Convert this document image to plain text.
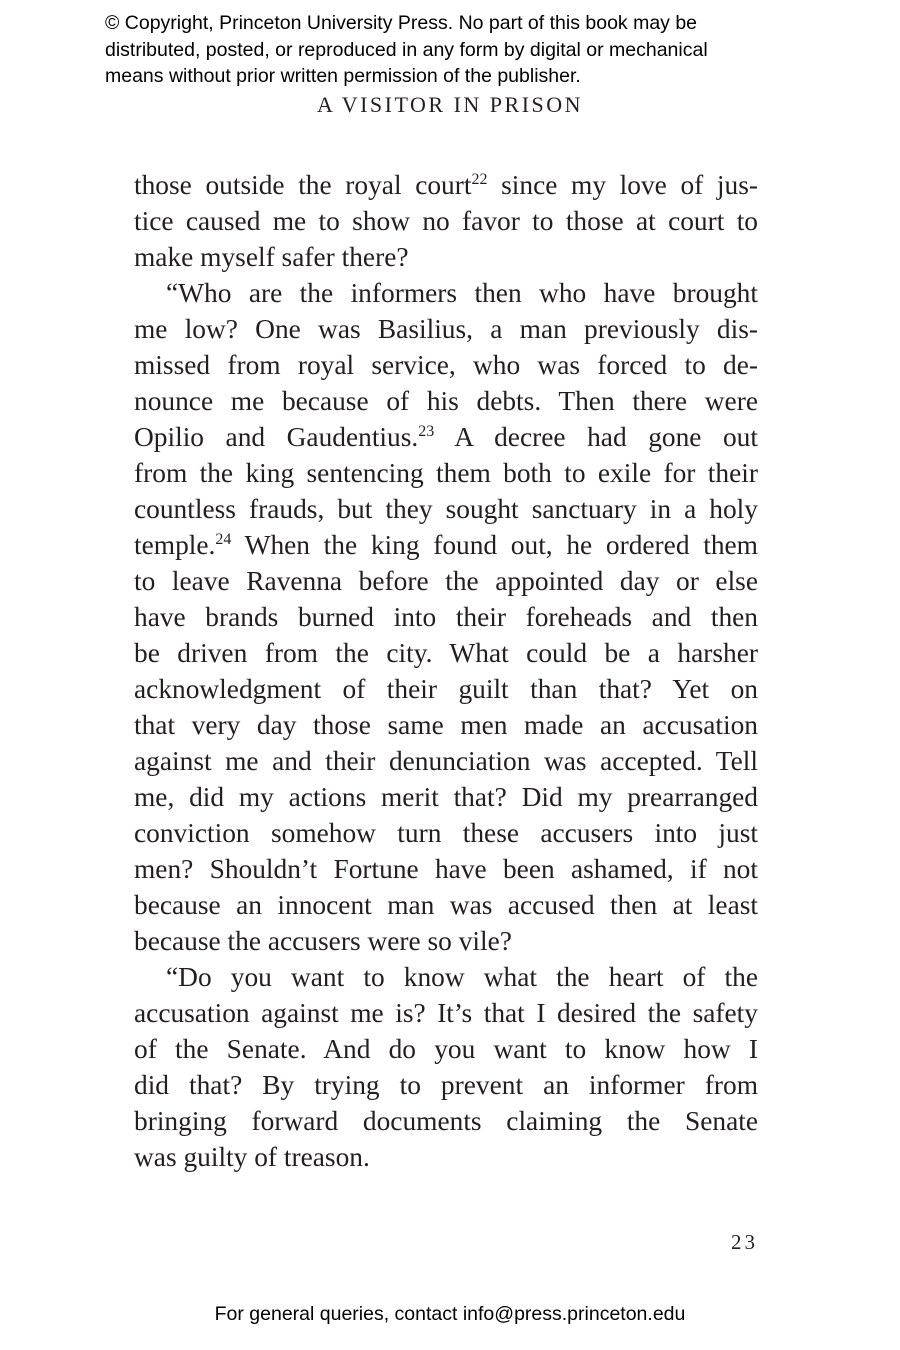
© Copyright, Princeton University Press. No part of this book may be
distributed, posted, or reproduced in any form by digital or mechanical
means without prior written permission of the publisher.
A VISITOR IN PRISON
those outside the royal court$^{22}$ since my love of jus-
tice caused me to show no favor to those at court to
make myself safer there?
“Who are the informers then who have brought
me low? One was Basilius, a man previously dis-
missed from royal service, who was forced to de-
nounce me because of his debts. Then there were
Opilio and Gaudentius.$^{23}$ A decree had gone out
from the king sentencing them both to exile for their
countless frauds, but they sought sanctuary in a holy
temple.$^{24}$ When the king found out, he ordered them
to leave Ravenna before the appointed day or else
have brands burned into their foreheads and then
be driven from the city. What could be a harsher
acknowledgment of their guilt than that? Yet on
that very day those same men made an accusation
against me and their denunciation was accepted. Tell
me, did my actions merit that? Did my prearranged
conviction somehow turn these accusers into just
men? Shouldn’t Fortune have been ashamed, if not
because an innocent man was accused then at least
because the accusers were so vile?
“Do you want to know what the heart of the
accusation against me is? It’s that I desired the safety
of the Senate. And do you want to know how I
did that? By trying to prevent an informer from
bringing forward documents claiming the Senate
was guilty of treason.
23
For general queries, contact info@press.princeton.edu
